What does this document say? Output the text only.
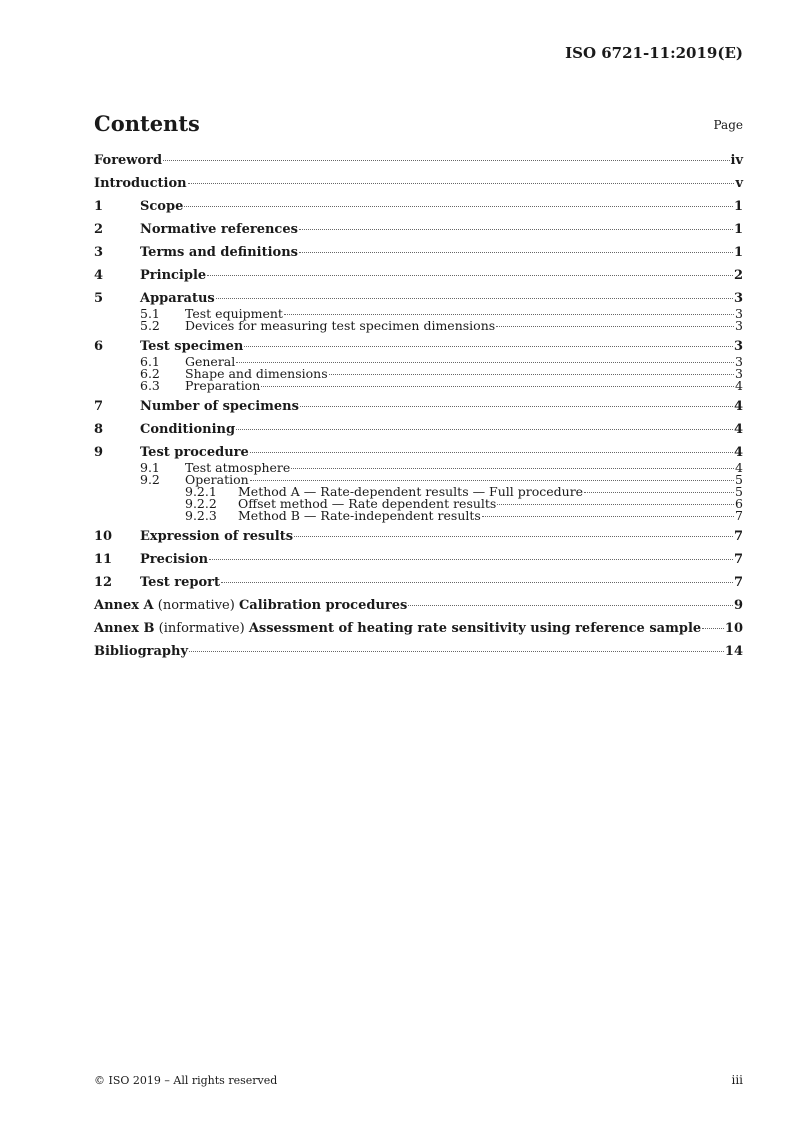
ISO 6721-11:2019(E)
Contents	Page
Foreword	iv
Introduction	v
1	Scope	1
2	Normative references	1
3	Terms and definitions	1
4	Principle	2
5	Apparatus	3
5.1	Test equipment	3
5.2	Devices for measuring test specimen dimensions	3
6	Test specimen	3
6.1	General	3
6.2	Shape and dimensions	3
6.3	Preparation	4
7	Number of specimens	4
8	Conditioning	4
9	Test procedure	4
9.1	Test atmosphere	4
9.2	Operation	5
9.2.1	Method A — Rate-dependent results — Full procedure	5
9.2.2	Offset method — Rate dependent results	6
9.2.3	Method B — Rate-independent results	7
10	Expression of results	7
11	Precision	7
12	Test report	7
Annex A (normative) Calibration procedures	9
Annex B (informative) Assessment of heating rate sensitivity using reference sample 10
Bibliography	14
© ISO 2019 – All rights reserved	iii
